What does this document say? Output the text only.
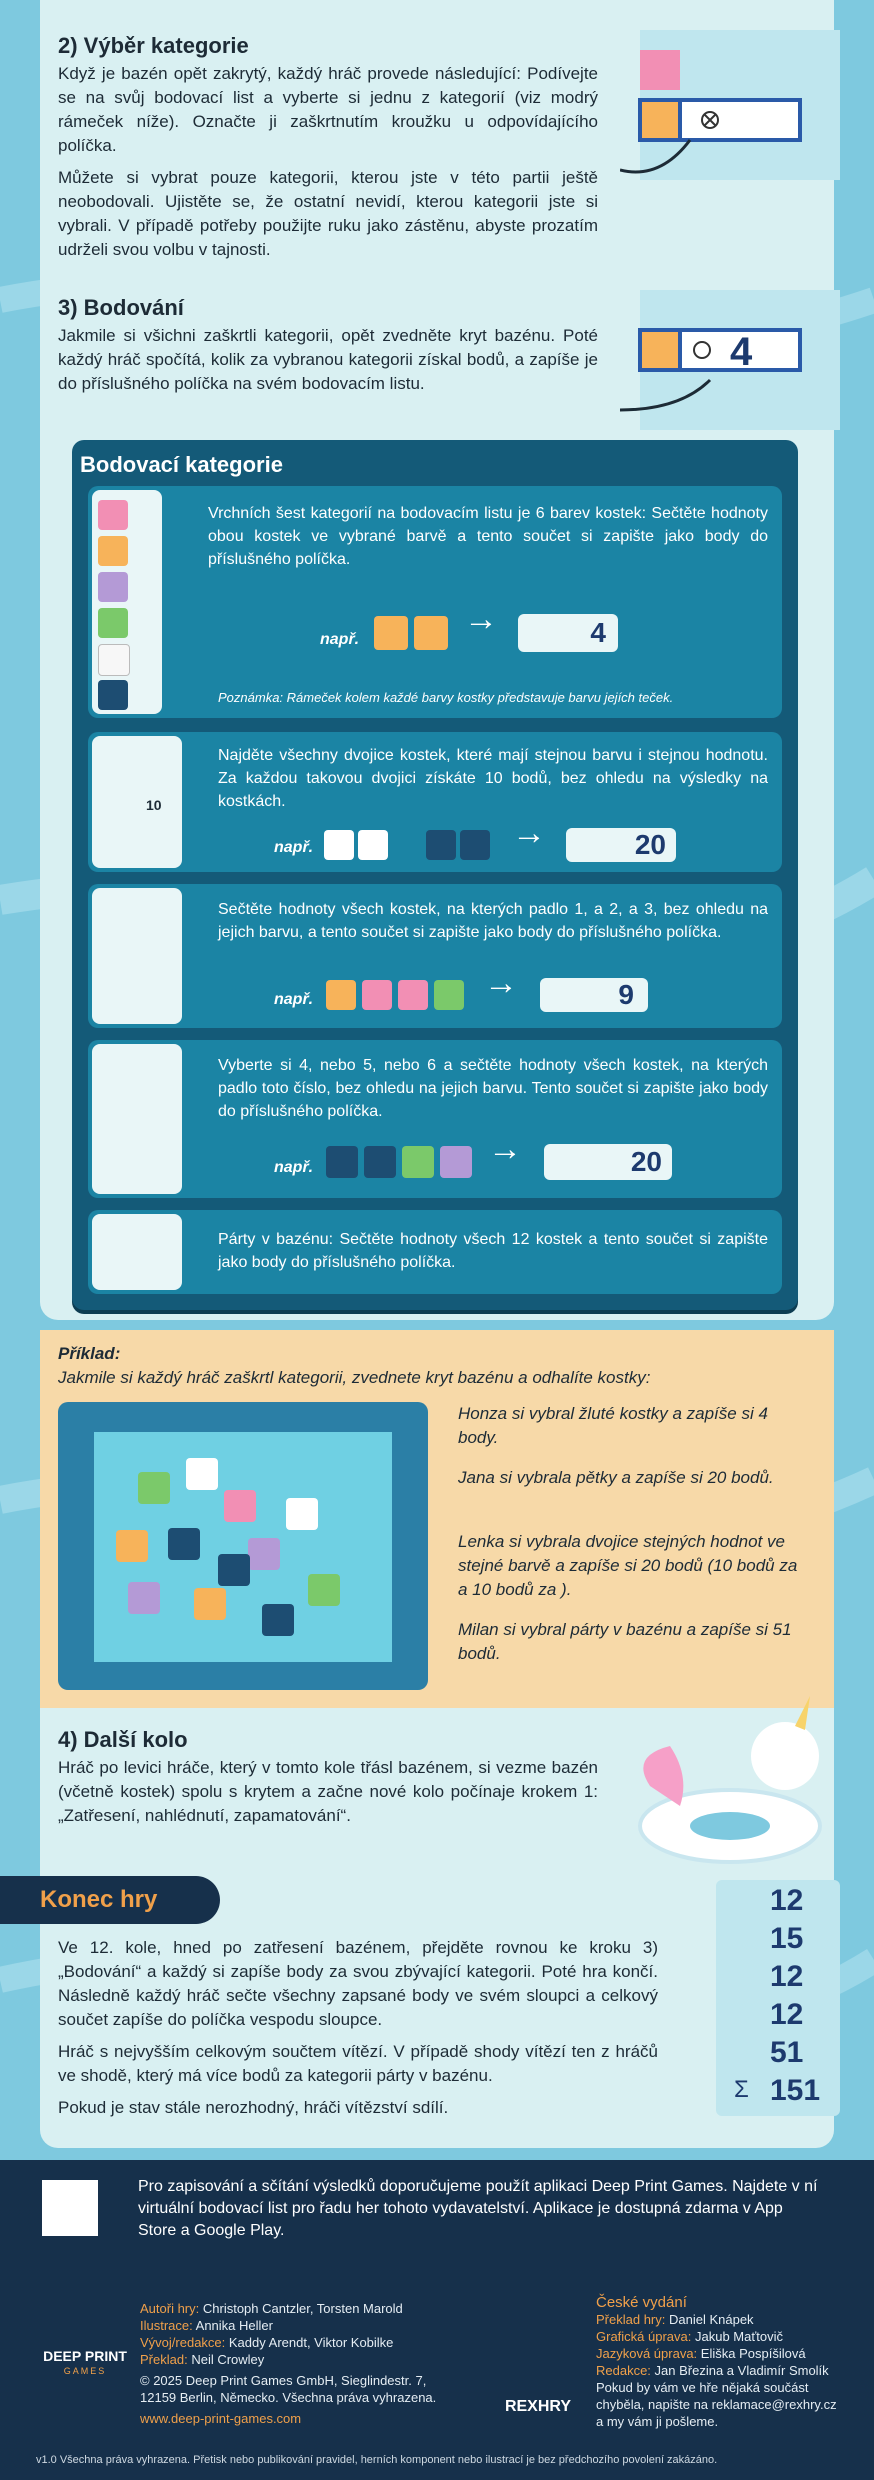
2) Výběr kategorie
Když je bazén opět zakrytý, každý hráč provede následující: Podívejte se na svůj bodovací list a vyberte si jednu z kategorií (viz modrý rámeček níže). Označte ji zaškrtnutím kroužku u odpovídajícího políčka.
Můžete si vybrat pouze kategorii, kterou jste v této partii ještě neobodovali. Ujistěte se, že ostatní nevidí, kterou kategorii jste si vybrali. V případě potřeby použijte ruku jako zástěnu, abyste prozatím udrželi svou volbu v tajnosti.
3) Bodování
Jakmile si všichni zaškrtli kategorii, opět zvedněte kryt bazénu. Poté každý hráč spočítá, kolik za vybranou kategorii získal bodů, a zapíše je do příslušného políčka na svém bodovacím listu.
4
Bodovací kategorie
Vrchních šest kategorií na bodovacím listu je 6 barev kostek: Sečtěte hodnoty obou kostek ve vybrané barvě a tento součet si zapište jako body do příslušného políčka.
např.
→	4
Poznámka: Rámeček kolem každé barvy kostky představuje barvu jejích teček.
10
Najděte všechny dvojice kostek, které mají stejnou barvu i stejnou hodnotu. Za každou takovou dvojici získáte 10 bodů, bez ohledu na výsledky na kostkách.
např.	→	20
Sečtěte hodnoty všech kostek, na kterých padlo 1, a 2, a 3, bez ohledu na jejich barvu, a tento součet si zapište jako body do příslušného políčka.
např.	→	9
Vyberte si 4, nebo 5, nebo 6 a sečtěte hodnoty všech kostek, na kterých padlo toto číslo, bez ohledu na jejich barvu. Tento součet si zapište jako body do příslušného políčka.
např.	→	20
Párty v bazénu: Sečtěte hodnoty všech 12 kostek a tento součet si zapište jako body do příslušného políčka.
Příklad:
Jakmile si každý hráč zaškrtl kategorii, zvednete kryt bazénu a odhalíte kostky:
Honza si vybral žluté kostky a zapíše si 4 body.
Jana si vybrala pětky a zapíše si 20 bodů.
Lenka si vybrala dvojice stejných hodnot ve stejné barvě a zapíše si 20 bodů (10 bodů za a 10 bodů za ).
Milan si vybral párty v bazénu a zapíše si 51 bodů.
4) Další kolo
Hráč po levici hráče, který v tomto kole třásl bazénem, si vezme bazén (včetně kostek) spolu s krytem a začne nové kolo počínaje krokem 1: „Zatřesení, nahlédnutí, zapamatování“.
Konec hry
Ve 12. kole, hned po zatřesení bazénem, přejděte rovnou ke kroku 3) „Bodování“ a každý si zapíše body za svou zbývající kategorii. Poté hra končí. Následně každý hráč sečte všechny zapsané body ve svém sloupci a celkový součet zapíše do políčka vespodu sloupce.
Hráč s nejvyšším celkovým součtem vítězí. V případě shody vítězí ten z hráčů ve shodě, který má více bodů za kategorii párty v bazénu.
Pokud je stav stále nerozhodný, hráči vítězství sdílí.
12
15
12
12
51
151
Σ
Pro zapisování a sčítání výsledků doporučujeme použít aplikaci Deep Print Games. Najdete v ní virtuální bodovací list pro řadu her tohoto vydavatelství. Aplikace je dostupná zdarma v App Store a Google Play.
DEEP PRINT
GAMES
Autoři hry: Christoph Cantzler, Torsten Marold
Ilustrace: Annika Heller
Vývoj/redakce: Kaddy Arendt, Viktor Kobilke
Překlad: Neil Crowley
© 2025 Deep Print Games GmbH, Sieglindestr. 7, 12159 Berlin, Německo. Všechna práva vyhrazena.
www.deep-print-games.com
REXHRY
České vydání
Překlad hry: Daniel Knápek
Grafická úprava: Jakub Maťtovič
Jazyková úprava: Eliška Pospíšilová
Redakce: Jan Březina a Vladimír Smolík
Pokud by vám ve hře nějaká součást chyběla, napište na reklamace@rexhry.cz a my vám ji pošleme.
v1.0 Všechna práva vyhrazena. Přetisk nebo publikování pravidel, herních komponent nebo ilustrací je bez předchozího povolení zakázáno.
